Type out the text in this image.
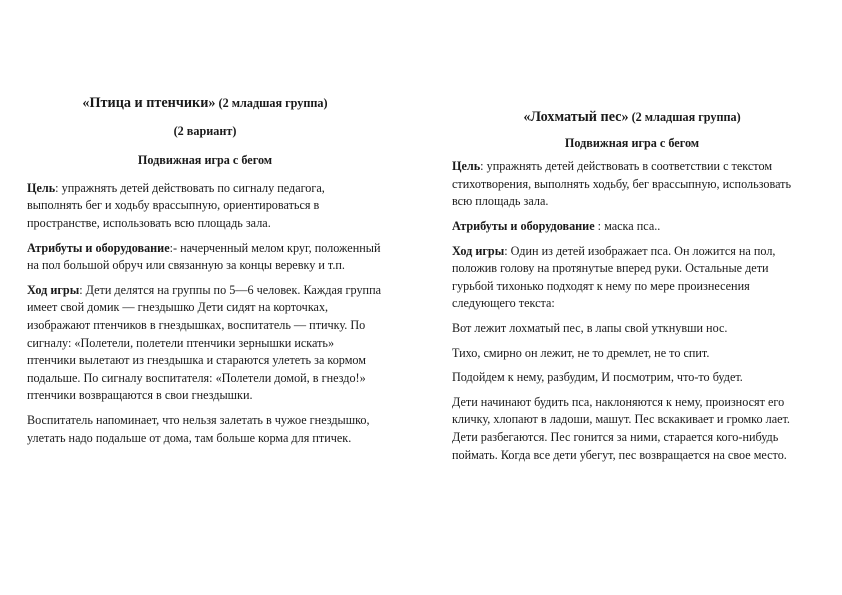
«Птица и птенчики» (2 младшая группа)

(2 вариант)

Подвижная игра с бегом

Цель: упражнять детей действовать по сигналу педагога, выполнять бег и ходьбу врассыпную, ориентироваться в пространстве, использовать всю площадь зала.

Атрибуты и оборудование:- начерченный мелом круг, положенный на пол большой обруч или связанную за концы веревку и т.п.

Ход игры: Дети делятся на группы по 5—6 человек. Каждая группа имеет свой домик — гнездышко Дети сидят на корточках, изображают птенчиков в гнездышках, воспитатель — птичку. По сигналу: «Полетели, полетели птенчики зернышки искать» птенчики вылетают из гнездышка и стараются улететь за кормом подальше. По сигналу воспитателя: «Полетели домой, в гнездо!» птенчики возвращаются в свои гнездышки.

Воспитатель напоминает, что нельзя залетать в чужое гнездышко, улетать надо подальше от дома, там больше корма для птичек.

«Лохматый пес» (2 младшая группа)

Подвижная игра с бегом

Цель: упражнять детей действовать в соответствии с текстом стихотворения, выполнять ходьбу, бег врассыпную, использовать всю площадь зала.

Атрибуты и оборудование : маска пса..

Ход игры: Один из детей изображает пса. Он ложится на пол, положив голову на протянутые вперед руки. Остальные дети гурьбой тихонько подходят к нему по мере произнесения следующего текста:

Вот лежит лохматый пес, в лапы свой уткнувши нос.

Тихо, смирно он лежит, не то дремлет, не то спит.

Подойдем к нему, разбудим, И посмотрим, что-то будет.

Дети начинают будить пса, наклоняются к нему, произносят его кличку, хлопают в ладоши, машут. Пес вскакивает и громко лает. Дети разбегаются. Пес гонится за ними, старается кого-нибудь поймать. Когда все дети убегут, пес возвращается на свое место.
